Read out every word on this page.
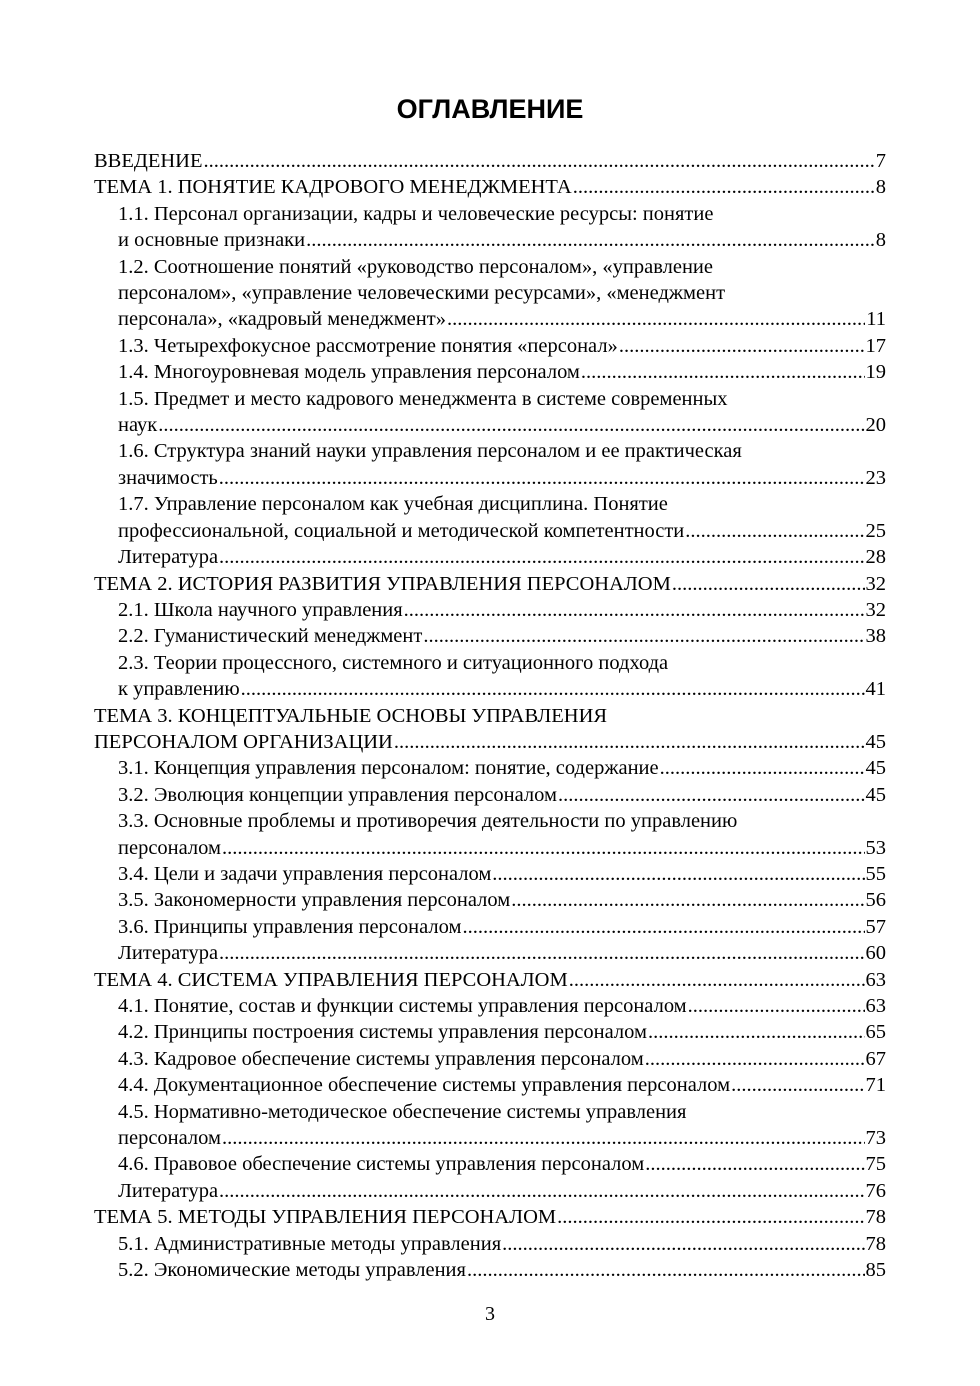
ОГЛАВЛЕНИЕ
ВВЕДЕНИЕ .....	7
ТЕМА 1. ПОНЯТИЕ КАДРОВОГО МЕНЕДЖМЕНТА .....	8
1.1. Персонал организации, кадры и человеческие ресурсы: понятие
и основные признаки .....	8
1.2. Соотношение понятий «руководство персоналом», «управление
персоналом», «управление человеческими ресурсами», «менеджмент
персонала», «кадровый менеджмент» .....	11
1.3. Четырехфокусное рассмотрение понятия «персонал» .....	17
1.4. Многоуровневая модель управления персоналом .....	19
1.5. Предмет и место кадрового менеджмента в системе современных
наук .....	20
1.6. Структура знаний науки управления персоналом и ее практическая
значимость .....	23
1.7. Управление персоналом как учебная дисциплина. Понятие
профессиональной, социальной и методической компетентности .....	25
Литература .....	28
ТЕМА 2. ИСТОРИЯ РАЗВИТИЯ УПРАВЛЕНИЯ ПЕРСОНАЛОМ .....	32
2.1. Школа научного управления .....	32
2.2. Гуманистический менеджмент .....	38
2.3. Теории процессного, системного и ситуационного подхода
к управлению .....	41
ТЕМА 3. КОНЦЕПТУАЛЬНЫЕ ОСНОВЫ УПРАВЛЕНИЯ
ПЕРСОНАЛОМ ОРГАНИЗАЦИИ .....	45
3.1. Концепция управления персоналом: понятие, содержание .....	45
3.2. Эволюция концепции управления персоналом .....	45
3.3. Основные проблемы и противоречия деятельности по управлению
персоналом .....	53
3.4. Цели и задачи управления персоналом .....	55
3.5. Закономерности управления персоналом .....	56
3.6. Принципы управления персоналом .....	57
Литература .....	60
ТЕМА 4. СИСТЕМА УПРАВЛЕНИЯ ПЕРСОНАЛОМ .....	63
4.1. Понятие, состав и функции системы управления персоналом .....	63
4.2. Принципы построения системы управления персоналом .....	65
4.3. Кадровое обеспечение системы управления персоналом .....	67
4.4. Документационное обеспечение системы управления персоналом .....	71
4.5. Нормативно-методическое обеспечение системы управления
персоналом .....	73
4.6. Правовое обеспечение системы управления персоналом .....	75
Литература .....	76
ТЕМА 5. МЕТОДЫ УПРАВЛЕНИЯ ПЕРСОНАЛОМ .....	78
5.1. Административные методы управления .....	78
5.2. Экономические методы управления .....	85
3
